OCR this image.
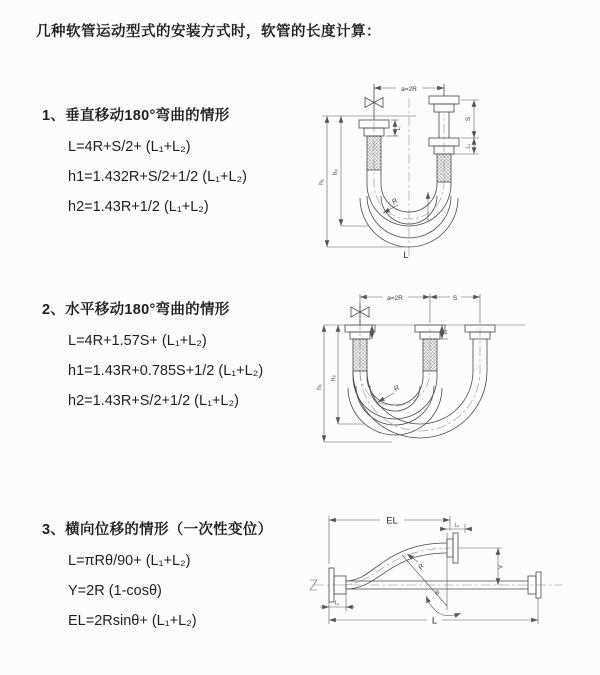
几种软管运动型式的安装方式时，软管的长度计算：
1、垂直移动180°弯曲的情形
L=4R+S/2+ (L₁+L₂)
h1=1.432R+S/2+1/2 (L₁+L₂)
h2=1.43R+1/2 (L₁+L₂)
2、水平移动180°弯曲的情形
L=4R+1.57S+ (L₁+L₂)
h1=1.43R+0.785S+1/2 (L₁+L₂)
h2=1.43R+S/2+1/2 (L₁+L₂)
3、横向位移的情形（一次性变位）
L=πRθ/90+ (L₁+L₂)
Y=2R (1-cosθ)
EL=2Rsinθ+ (L₁+L₂)
a=2R
L₁
h₁
h₂
S
L₂
R
L
a=2R	S
L₁
h₁
h₂
R
EL	L₂
Y
R
θ
L
L₁
